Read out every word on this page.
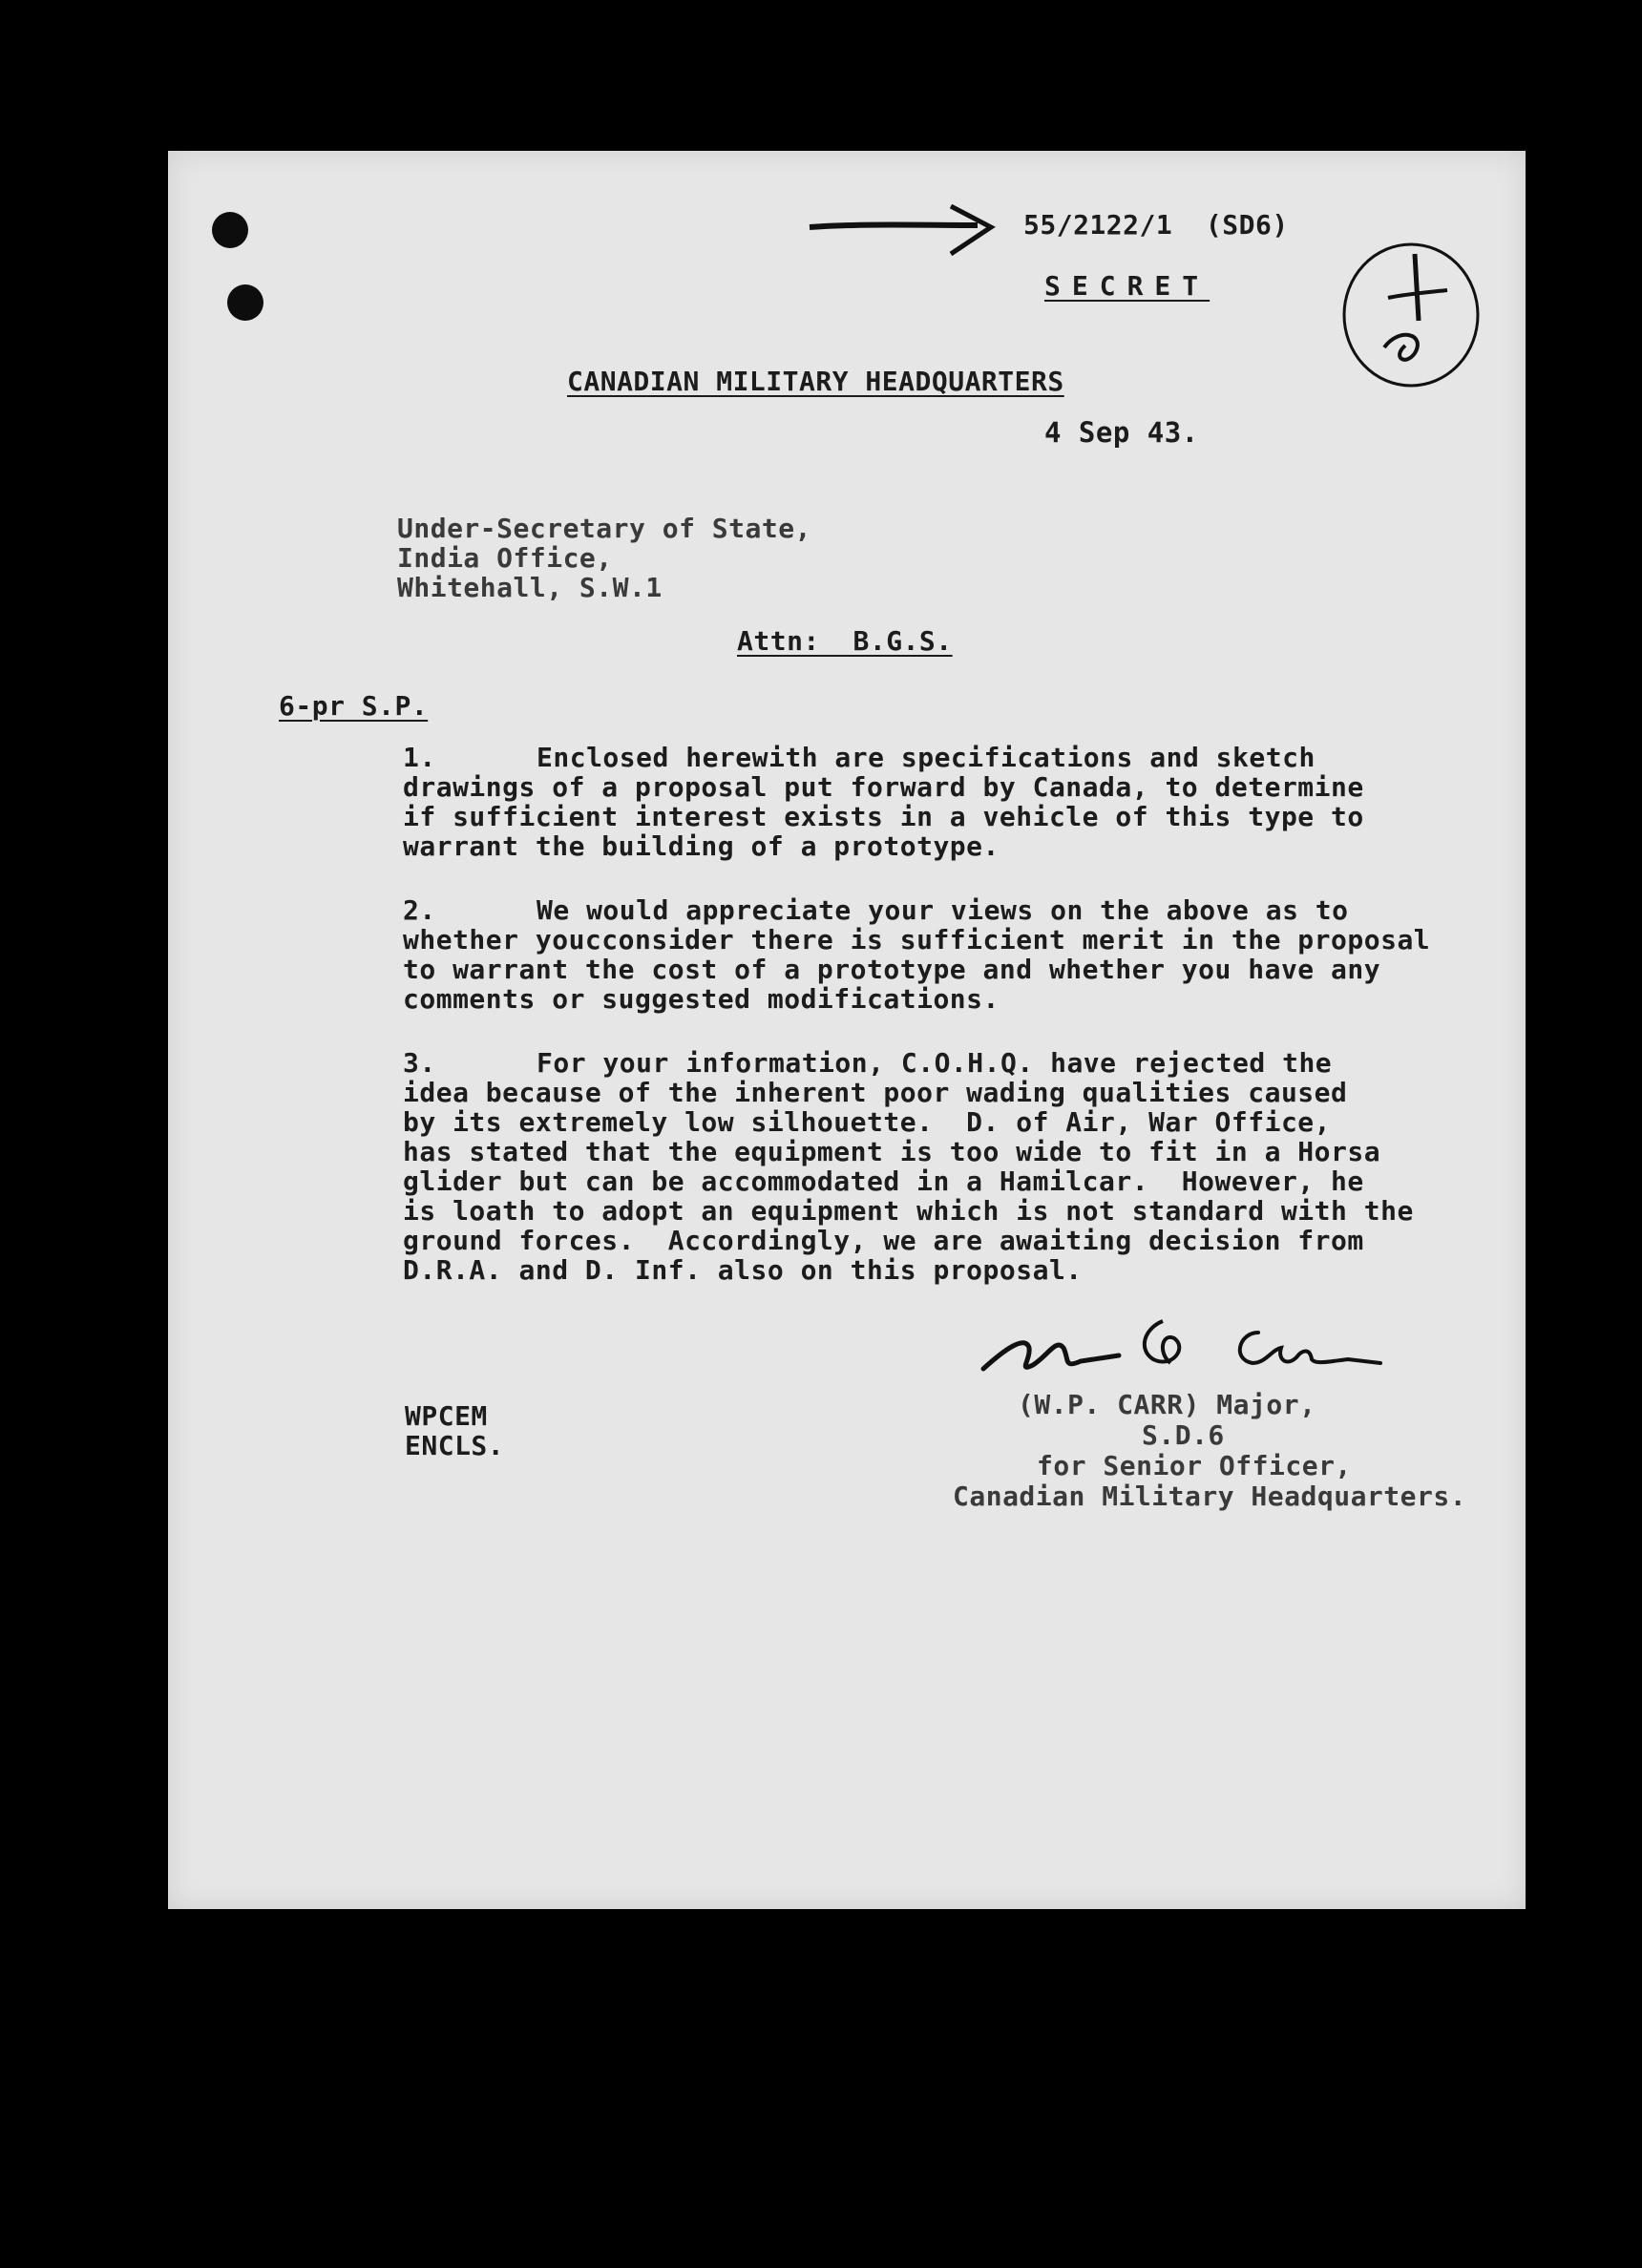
55/2122/1  (SD6)
SECRET
CANADIAN MILITARY HEADQUARTERS
4 Sep 43.
Under-Secretary of State,
India Office,
Whitehall, S.W.1
Attn:  B.G.S.
6-pr S.P.
1.

	Enclosed herewith are specifications and sketch

drawings of a proposal put forward by Canada, to determine

if sufficient interest exists in a vehicle of this type to

warrant the building of a prototype.

2.

	We would appreciate your views on the above as to

whether youcconsider there is sufficient merit in the proposal

to warrant the cost of a prototype and whether you have any

comments or suggested modifications.

3.

	For your information, C.O.H.Q. have rejected the

idea because of the inherent poor wading qualities caused

by its extremely low silhouette.  D. of Air, War Office,

has stated that the equipment is too wide to fit in a Horsa

glider but can be accommodated in a Hamilcar.  However, he

is loath to adopt an equipment which is not standard with the

ground forces.  Accordingly, we are awaiting decision from

D.R.A. and D. Inf. also on this proposal.

WPCEM
ENCLS.
(W.P. CARR) Major,
S.D.6
for Senior Officer,
Canadian Military Headquarters.
